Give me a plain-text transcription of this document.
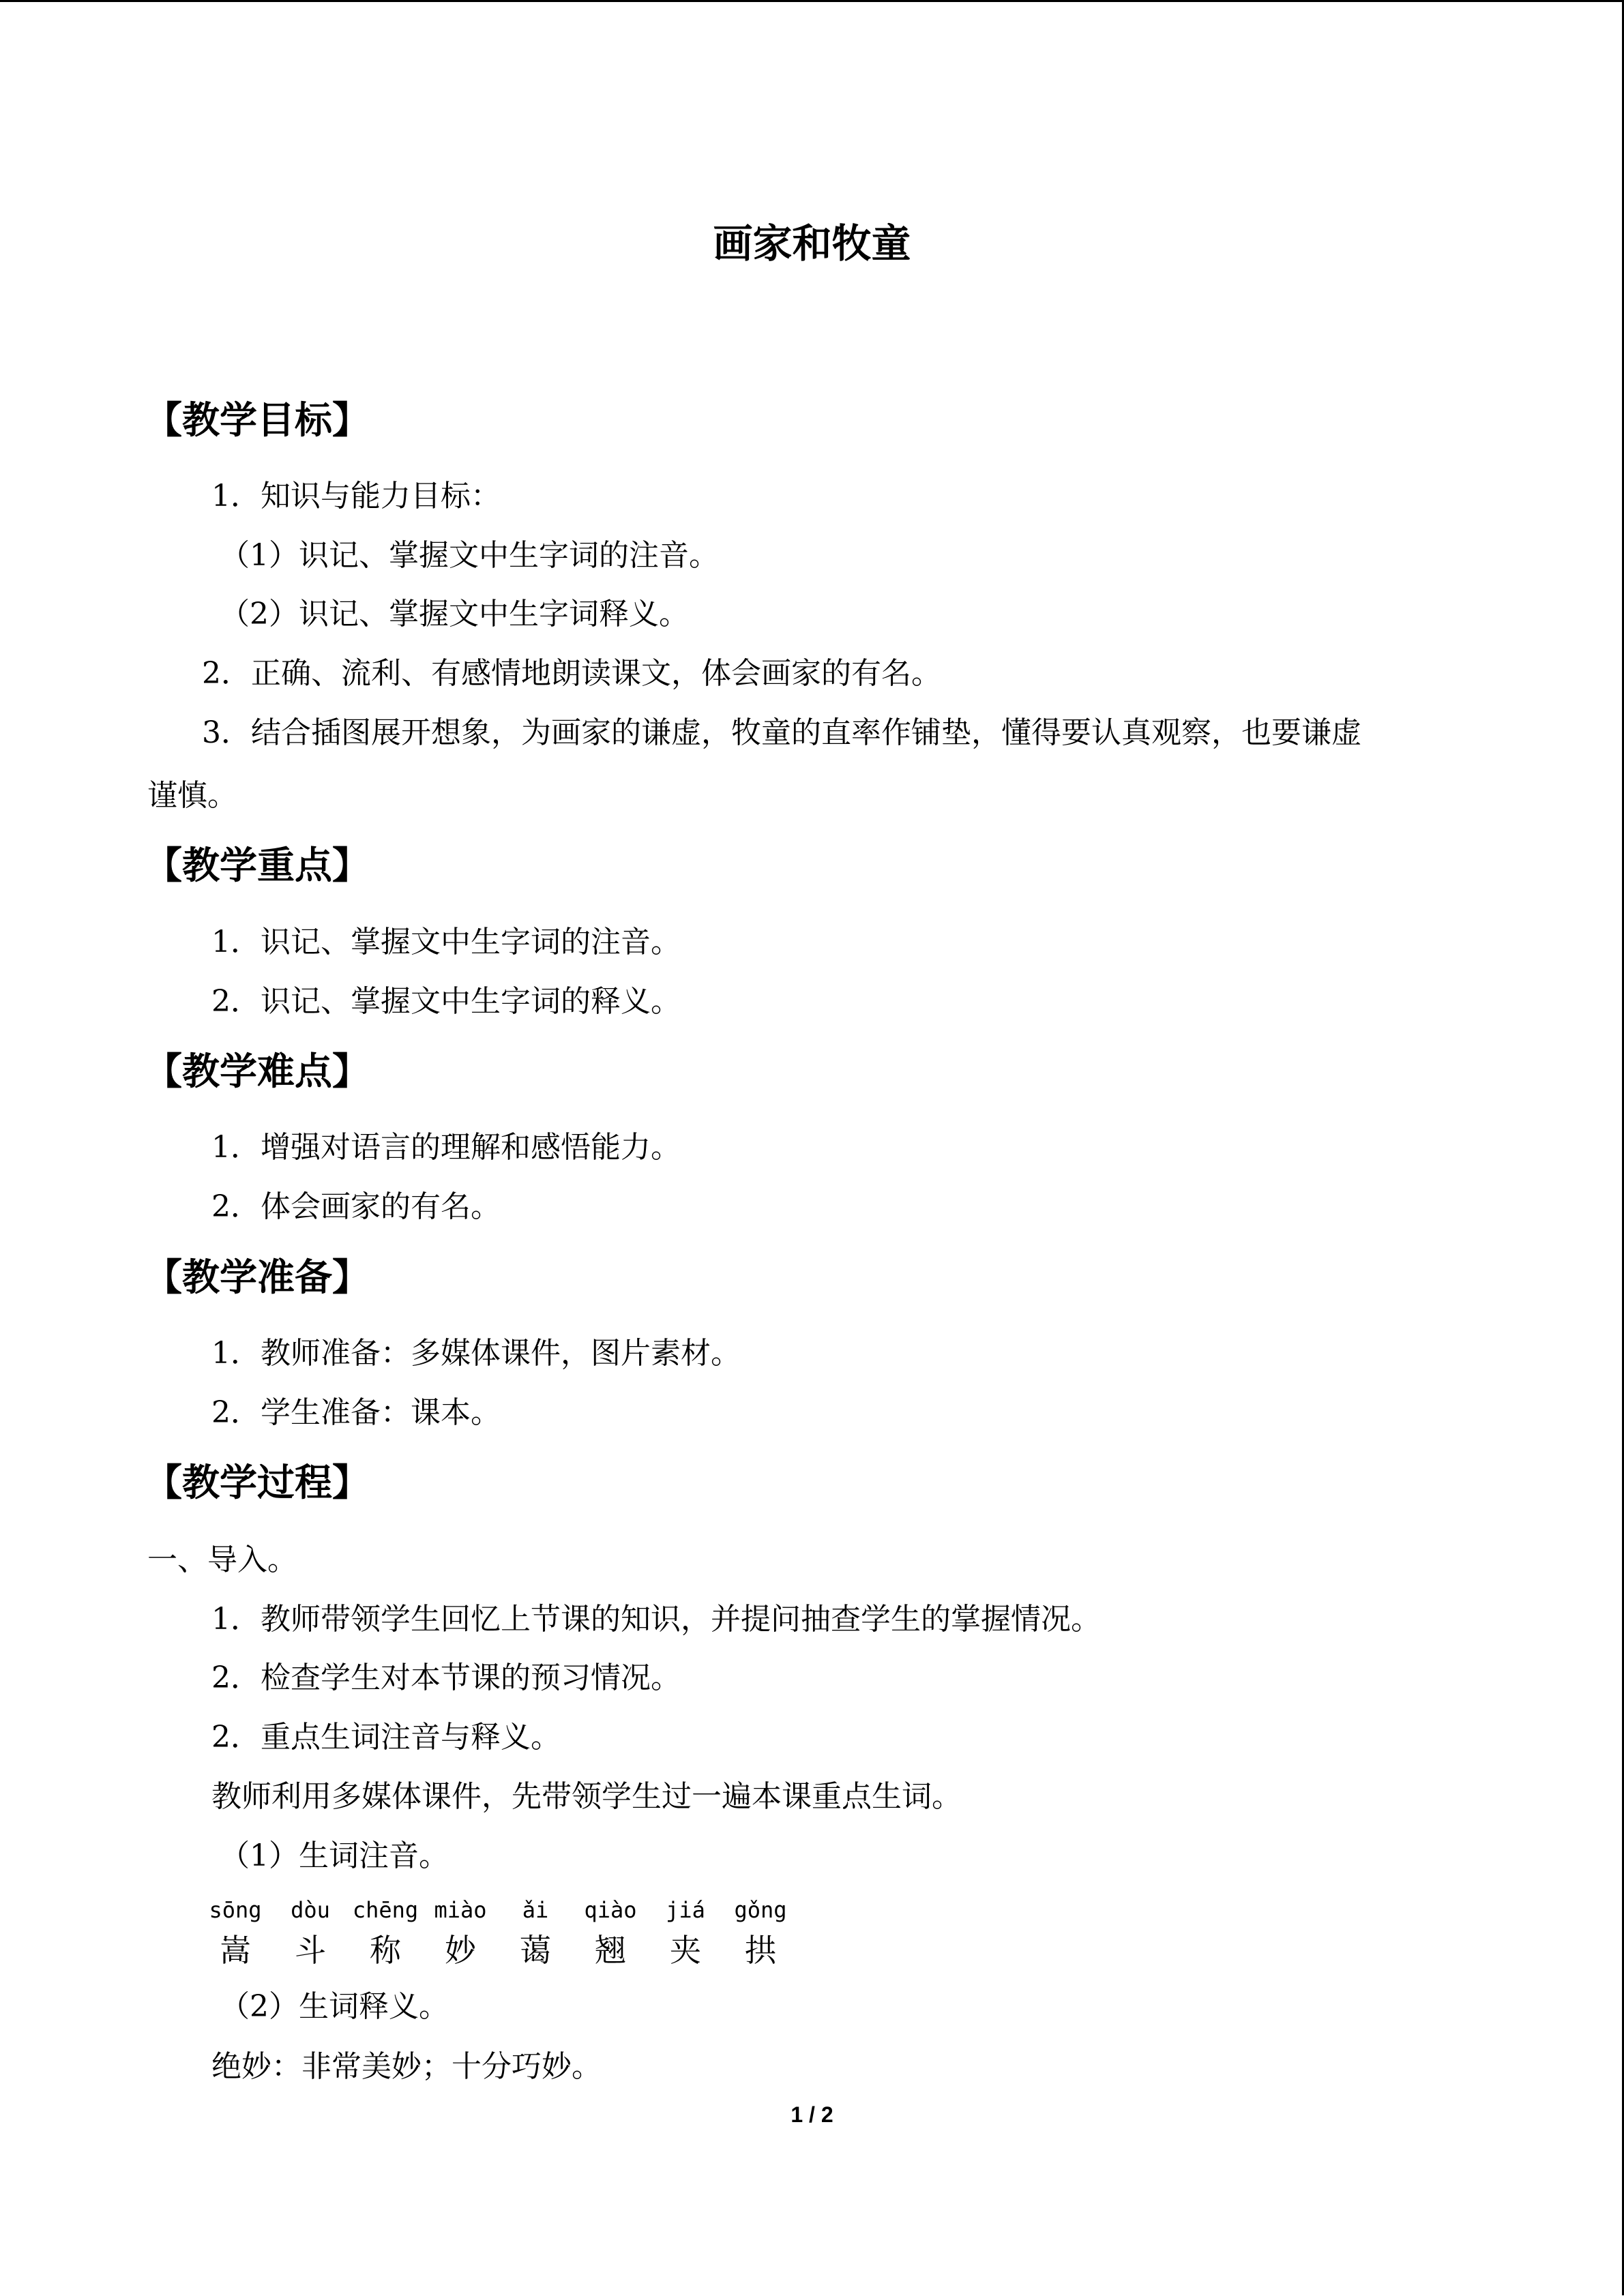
画家和牧童
【教学目标】
1．知识与能力目标：
（1）识记、掌握文中生字词的注音。
（2）识记、掌握文中生字词释义。
2．正确、流利、有感情地朗读课文，体会画家的有名。
3．结合插图展开想象，为画家的谦虚，牧童的直率作铺垫，懂得要认真观察，也要谦虚
谨慎。
【教学重点】
1．识记、掌握文中生字词的注音。
2．识记、掌握文中生字词的释义。
【教学难点】
1．增强对语言的理解和感悟能力。
2．体会画家的有名。
【教学准备】
1．教师准备：多媒体课件，图片素材。
2．学生准备：课本。
【教学过程】
一、导入。
1．教师带领学生回忆上节课的知识，并提问抽查学生的掌握情况。
2．检查学生对本节课的预习情况。
2．重点生词注音与释义。
教师利用多媒体课件，先带领学生过一遍本课重点生词。
（1）生词注音。
sōng
嵩
dòu
斗
chēng
称
miào
妙
ǎi
蔼
qiào
翘
jiá
夹
gǒng
拱
（2）生词释义。
绝妙：非常美妙；十分巧妙。
1 / 2
